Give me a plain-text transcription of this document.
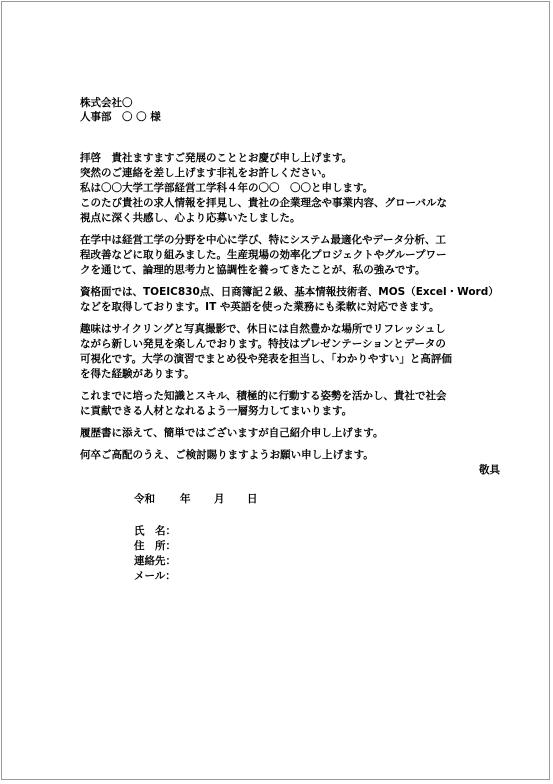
株式会社〇

人事部　〇 〇 様

拝啓　貴社ますますご発展のこととお慶び申し上げます。

突然のご連絡を差し上げます非礼をお許しください。

私は〇〇大学工学部経営工学科４年の〇〇　〇〇と申します。

このたび貴社の求人情報を拝見し、貴社の企業理念や事業内容、グローバルな

視点に深く共感し、心より応募いたしました。

在学中は経営工学の分野を中心に学び、特にシステム最適化やデータ分析、工

程改善などに取り組みました。生産現場の効率化プロジェクトやグループワー

クを通じて、論理的思考力と協調性を養ってきたことが、私の強みです。

資格面では、TOEIC830点、日商簿記２級、基本情報技術者、MOS（Excel・Word）

などを取得しております。IT や英語を使った業務にも柔軟に対応できます。

趣味はサイクリングと写真撮影で、休日には自然豊かな場所でリフレッシュし

ながら新しい発見を楽しんでおります。特技はプレゼンテーションとデータの

可視化です。大学の演習でまとめ役や発表を担当し、「わかりやすい」と高評価

を得た経験があります。

これまでに培った知識とスキル、積極的に行動する姿勢を活かし、貴社で社会

に貢献できる人材となれるよう一層努力してまいります。

履歴書に添えて、簡単ではございますが自己紹介申し上げます。

何卒ご高配のうえ、ご検討賜りますようお願い申し上げます。

敬具

令和 年 月 日

氏　名：

住　所：

連絡先：

メール：
